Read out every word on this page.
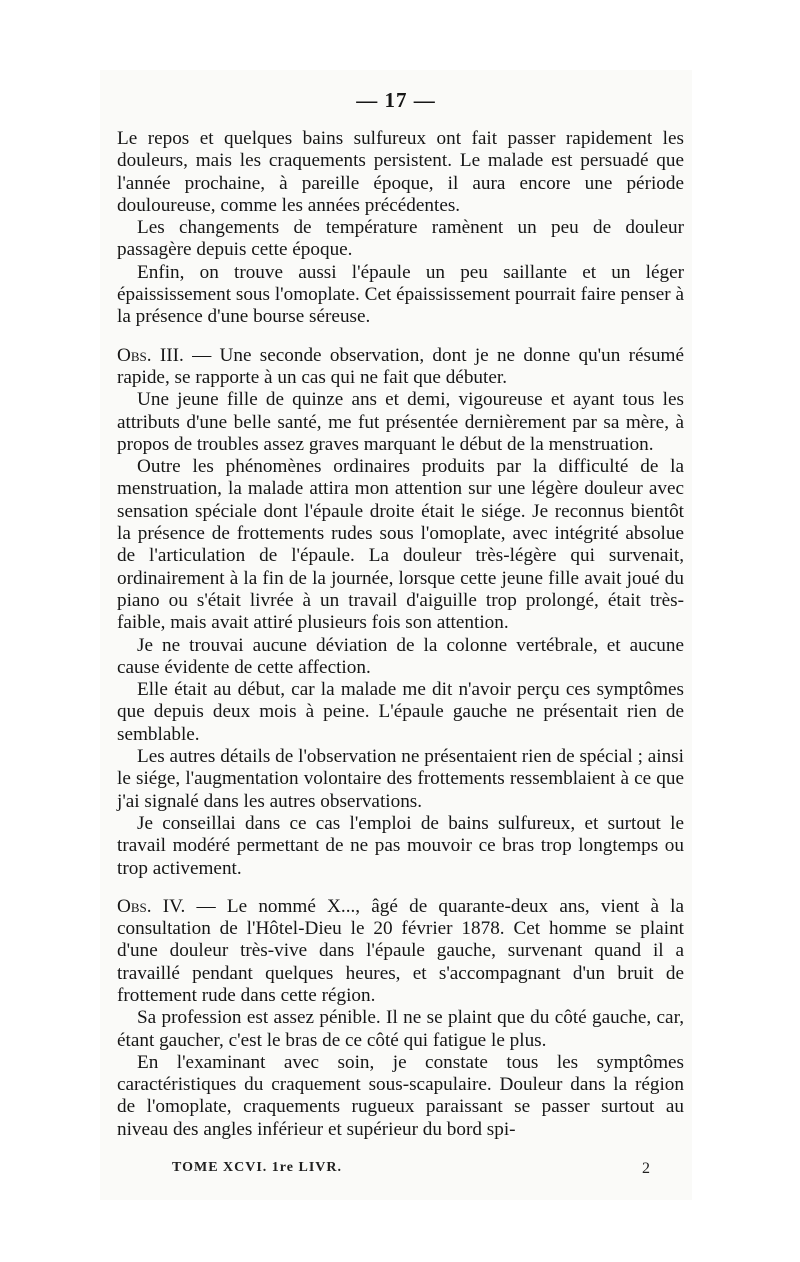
— 17 —

Le repos et quelques bains sulfureux ont fait passer rapidement les douleurs, mais les craquements persistent. Le malade est persuadé que l'année prochaine, à pareille époque, il aura encore une période douloureuse, comme les années précédentes.

Les changements de température ramènent un peu de douleur passagère depuis cette époque.

Enfin, on trouve aussi l'épaule un peu saillante et un léger épaississement sous l'omoplate. Cet épaississement pourrait faire penser à la présence d'une bourse séreuse.

Obs. III. — Une seconde observation, dont je ne donne qu'un résumé rapide, se rapporte à un cas qui ne fait que débuter.

Une jeune fille de quinze ans et demi, vigoureuse et ayant tous les attributs d'une belle santé, me fut présentée dernièrement par sa mère, à propos de troubles assez graves marquant le début de la menstruation.

Outre les phénomènes ordinaires produits par la difficulté de la menstruation, la malade attira mon attention sur une légère douleur avec sensation spéciale dont l'épaule droite était le siége. Je reconnus bientôt la présence de frottements rudes sous l'omoplate, avec intégrité absolue de l'articulation de l'épaule. La douleur très-légère qui survenait, ordinairement à la fin de la journée, lorsque cette jeune fille avait joué du piano ou s'était livrée à un travail d'aiguille trop prolongé, était très-faible, mais avait attiré plusieurs fois son attention.

Je ne trouvai aucune déviation de la colonne vertébrale, et aucune cause évidente de cette affection.

Elle était au début, car la malade me dit n'avoir perçu ces symptômes que depuis deux mois à peine. L'épaule gauche ne présentait rien de semblable.

Les autres détails de l'observation ne présentaient rien de spécial ; ainsi le siége, l'augmentation volontaire des frottements ressemblaient à ce que j'ai signalé dans les autres observations.

Je conseillai dans ce cas l'emploi de bains sulfureux, et surtout le travail modéré permettant de ne pas mouvoir ce bras trop longtemps ou trop activement.

Obs. IV. — Le nommé X..., âgé de quarante-deux ans, vient à la consultation de l'Hôtel-Dieu le 20 février 1878. Cet homme se plaint d'une douleur très-vive dans l'épaule gauche, survenant quand il a travaillé pendant quelques heures, et s'accompagnant d'un bruit de frottement rude dans cette région.

Sa profession est assez pénible. Il ne se plaint que du côté gauche, car, étant gaucher, c'est le bras de ce côté qui fatigue le plus.

En l'examinant avec soin, je constate tous les symptômes caractéristiques du craquement sous-scapulaire. Douleur dans la région de l'omoplate, craquements rugueux paraissant se passer surtout au niveau des angles inférieur et supérieur du bord spi-

TOME XCVI. 1re LIVR.	2
